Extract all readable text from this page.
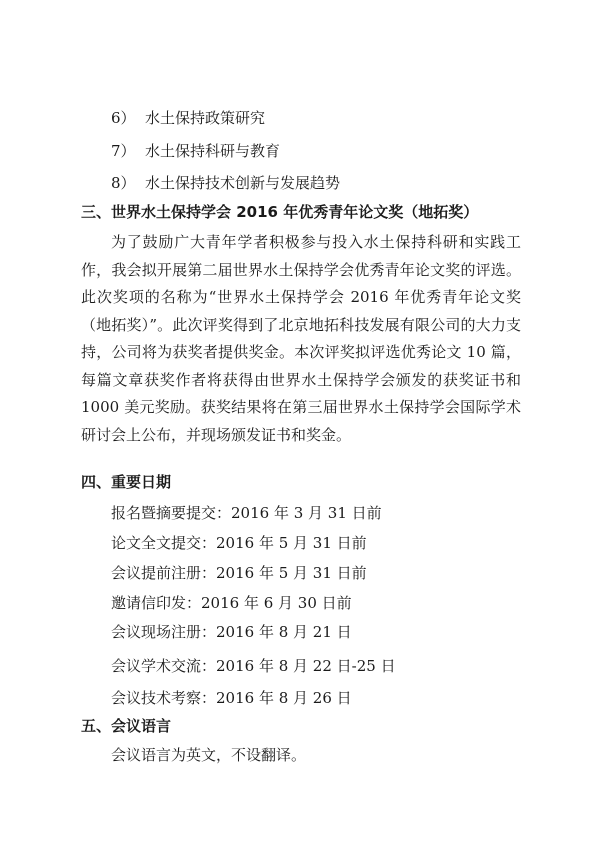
6） 水土保持政策研究
7） 水土保持科研与教育
8） 水土保持技术创新与发展趋势
三、世界水土保持学会 2016 年优秀青年论文奖（地拓奖）
为了鼓励广大青年学者积极参与投入水土保持科研和实践工作，我会拟开展第二届世界水土保持学会优秀青年论文奖的评选。此次奖项的名称为“世界水土保持学会 2016 年优秀青年论文奖（地拓奖）”。此次评奖得到了北京地拓科技发展有限公司的大力支持，公司将为获奖者提供奖金。本次评奖拟评选优秀论文 10 篇，每篇文章获奖作者将获得由世界水土保持学会颁发的获奖证书和 1000 美元奖励。获奖结果将在第三届世界水土保持学会国际学术研讨会上公布，并现场颁发证书和奖金。
四、重要日期
报名暨摘要提交：2016 年 3 月 31 日前
论文全文提交：2016 年 5 月 31 日前
会议提前注册：2016 年 5 月 31 日前
邀请信印发：2016 年 6 月 30 日前
会议现场注册：2016 年 8 月 21 日
会议学术交流：2016 年 8 月 22 日-25 日
会议技术考察：2016 年 8 月 26 日
五、会议语言
会议语言为英文，不设翻译。
